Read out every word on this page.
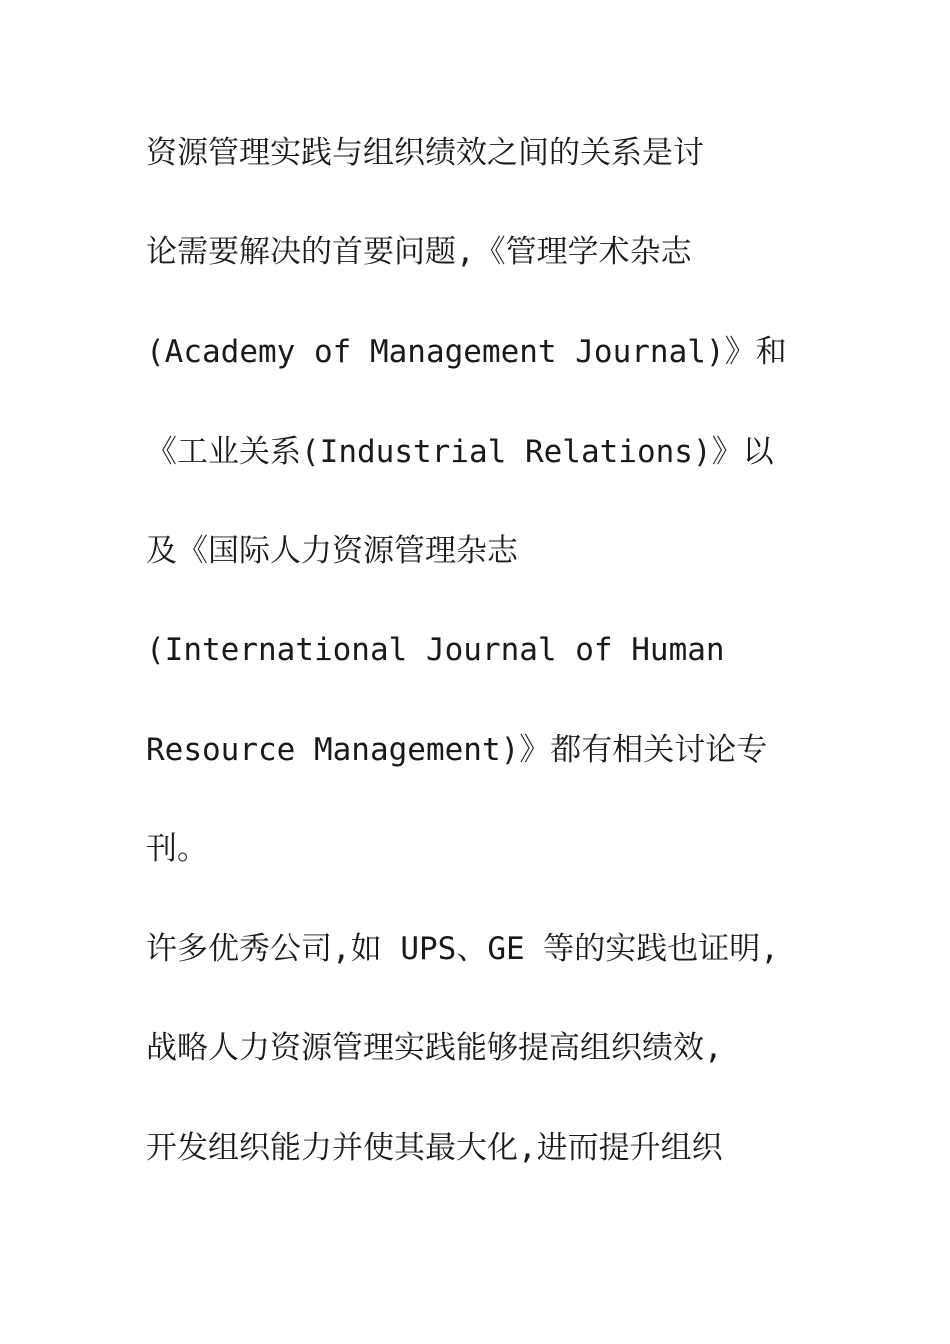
资源管理实践与组织绩效之间的关系是讨

论需要解决的首要问题,《管理学术杂志

(Academy of Management Journal)》和

《工业关系(Industrial Relations)》以

及《国际人力资源管理杂志

(International Journal of Human

Resource Management)》都有相关讨论专

刊。

许多优秀公司,如 UPS、GE 等的实践也证明,

战略人力资源管理实践能够提高组织绩效,

开发组织能力并使其最大化,进而提升组织
